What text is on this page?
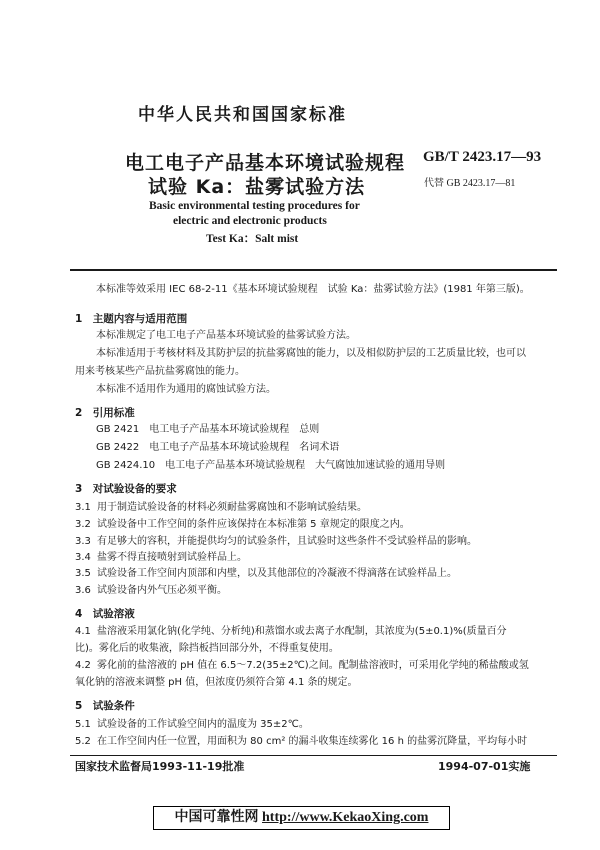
中华人民共和国国家标准
电工电子产品基本环境试验规程
试验 Ka：盐雾试验方法
GB/T 2423.17—93
代替 GB 2423.17—81
Basic environmental testing procedures for
electric and electronic products
Test Ka：Salt mist
本标准等效采用 IEC 68-2-11《基本环境试验规程　试验 Ka：盐雾试验方法》(1981 年第三版)。
1　主题内容与适用范围
本标准规定了电工电子产品基本环境试验的盐雾试验方法。
本标准适用于考核材料及其防护层的抗盐雾腐蚀的能力，以及相似防护层的工艺质量比较，也可以
用来考核某些产品抗盐雾腐蚀的能力。
本标准不适用作为通用的腐蚀试验方法。
2　引用标准
GB 2421　电工电子产品基本环境试验规程　总则
GB 2422　电工电子产品基本环境试验规程　名词术语
GB 2424.10　电工电子产品基本环境试验规程　大气腐蚀加速试验的通用导则
3　对试验设备的要求
3.1 用于制造试验设备的材料必须耐盐雾腐蚀和不影响试验结果。
3.2 试验设备中工作空间的条件应该保持在本标准第 5 章规定的限度之内。
3.3 有足够大的容积，并能提供均匀的试验条件，且试验时这些条件不受试验样品的影响。
3.4 盐雾不得直接喷射到试验样品上。
3.5 试验设备工作空间内顶部和内壁，以及其他部位的冷凝液不得滴落在试验样品上。
3.6 试验设备内外气压必须平衡。
4　试验溶液
4.1 盐溶液采用氯化钠(化学纯、分析纯)和蒸馏水或去离子水配制，其浓度为(5±0.1)%(质量百分
比)。雾化后的收集液，除挡板挡回部分外，不得重复使用。
4.2 雾化前的盐溶液的 pH 值在 6.5～7.2(35±2℃)之间。配制盐溶液时，可采用化学纯的稀盐酸或氢
氧化钠的溶液来调整 pH 值，但浓度仍须符合第 4.1 条的规定。
5　试验条件
5.1 试验设备的工作试验空间内的温度为 35±2℃。
5.2 在工作空间内任一位置，用面积为 80 cm² 的漏斗收集连续雾化 16 h 的盐雾沉降量，平均每小时
国家技术监督局1993-11-19批准	1994-07-01实施
中国可靠性网 http://www.KekaoXing.com
